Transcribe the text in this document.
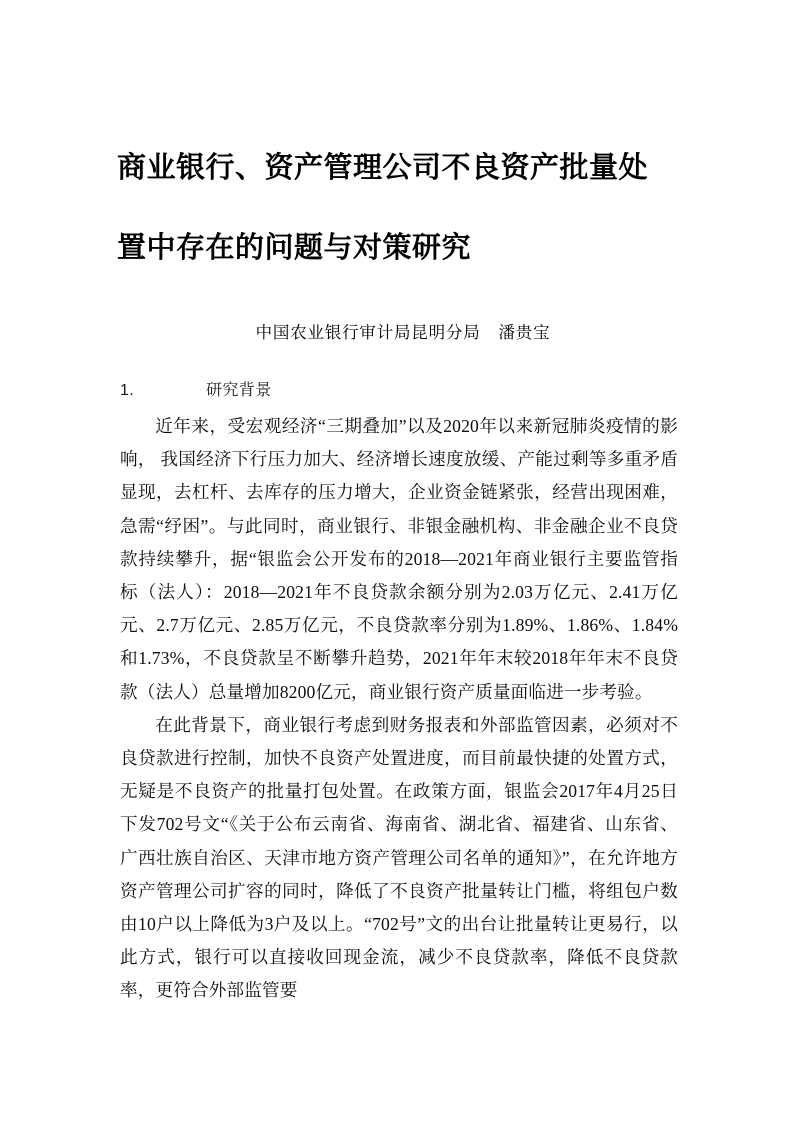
商业银行、资产管理公司不良资产批量处
置中存在的问题与对策研究
中国农业银行审计局昆明分局 潘贵宝
1.	研究背景

近年来，受宏观经济“三期叠加”以及2020年以来新冠肺炎疫情的影响， 我国经济下行压力加大、经济增长速度放缓、产能过剩等多重矛盾显现，去杠杆、去库存的压力增大，企业资金链紧张，经营出现困难，急需“纾困”。与此同时，商业银行、非银金融机构、非金融企业不良贷款持续攀升，据“银监会公开发布的2018—2021年商业银行主要监管指标（法人）：2018—2021年不良贷款余额分别为2.03万亿元、2.41万亿元、2.7万亿元、2.85万亿元，不良贷款率分别为1.89%、1.86%、1.84%和1.73%，不良贷款呈不断攀升趋势，2021年年末较2018年年末不良贷款（法人）总量增加8200亿元，商业银行资产质量面临进一步考验。

在此背景下，商业银行考虑到财务报表和外部监管因素，必须对不良贷款进行控制，加快不良资产处置进度，而目前最快捷的处置方式，无疑是不良资产的批量打包处置。在政策方面，银监会2017年4月25日下发702号文“《关于公布云南省、海南省、湖北省、福建省、山东省、广西壮族自治区、天津市地方资产管理公司名单的通知》”，在允许地方资产管理公司扩容的同时，降低了不良资产批量转让门槛，将组包户数由10户以上降低为3户及以上。“702号”文的出台让批量转让更易行，以此方式，银行可以直接收回现金流，减少不良贷款率，降低不良贷款率，更符合外部监管要
